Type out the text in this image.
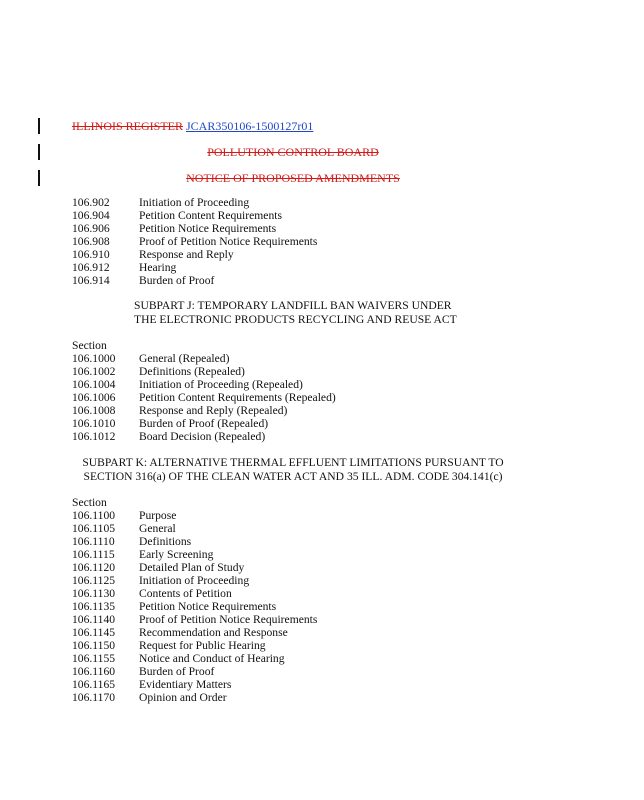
ILLINOIS REGISTER JCAR350106-1500127r01
POLLUTION CONTROL BOARD
NOTICE OF PROPOSED AMENDMENTS
106.902	Initiation of Proceeding
106.904	Petition Content Requirements
106.906	Petition Notice Requirements
106.908	Proof of Petition Notice Requirements
106.910	Response and Reply
106.912	Hearing
106.914	Burden of Proof
SUBPART J: TEMPORARY LANDFILL BAN WAIVERS UNDER
THE ELECTRONIC PRODUCTS RECYCLING AND REUSE ACT
Section
106.1000	General (Repealed)
106.1002	Definitions (Repealed)
106.1004	Initiation of Proceeding (Repealed)
106.1006	Petition Content Requirements (Repealed)
106.1008	Response and Reply (Repealed)
106.1010	Burden of Proof (Repealed)
106.1012	Board Decision (Repealed)
SUBPART K: ALTERNATIVE THERMAL EFFLUENT LIMITATIONS PURSUANT TO
SECTION 316(a) OF THE CLEAN WATER ACT AND 35 ILL. ADM. CODE 304.141(c)
Section
106.1100	Purpose
106.1105	General
106.1110	Definitions
106.1115	Early Screening
106.1120	Detailed Plan of Study
106.1125	Initiation of Proceeding
106.1130	Contents of Petition
106.1135	Petition Notice Requirements
106.1140	Proof of Petition Notice Requirements
106.1145	Recommendation and Response
106.1150	Request for Public Hearing
106.1155	Notice and Conduct of Hearing
106.1160	Burden of Proof
106.1165	Evidentiary Matters
106.1170	Opinion and Order
